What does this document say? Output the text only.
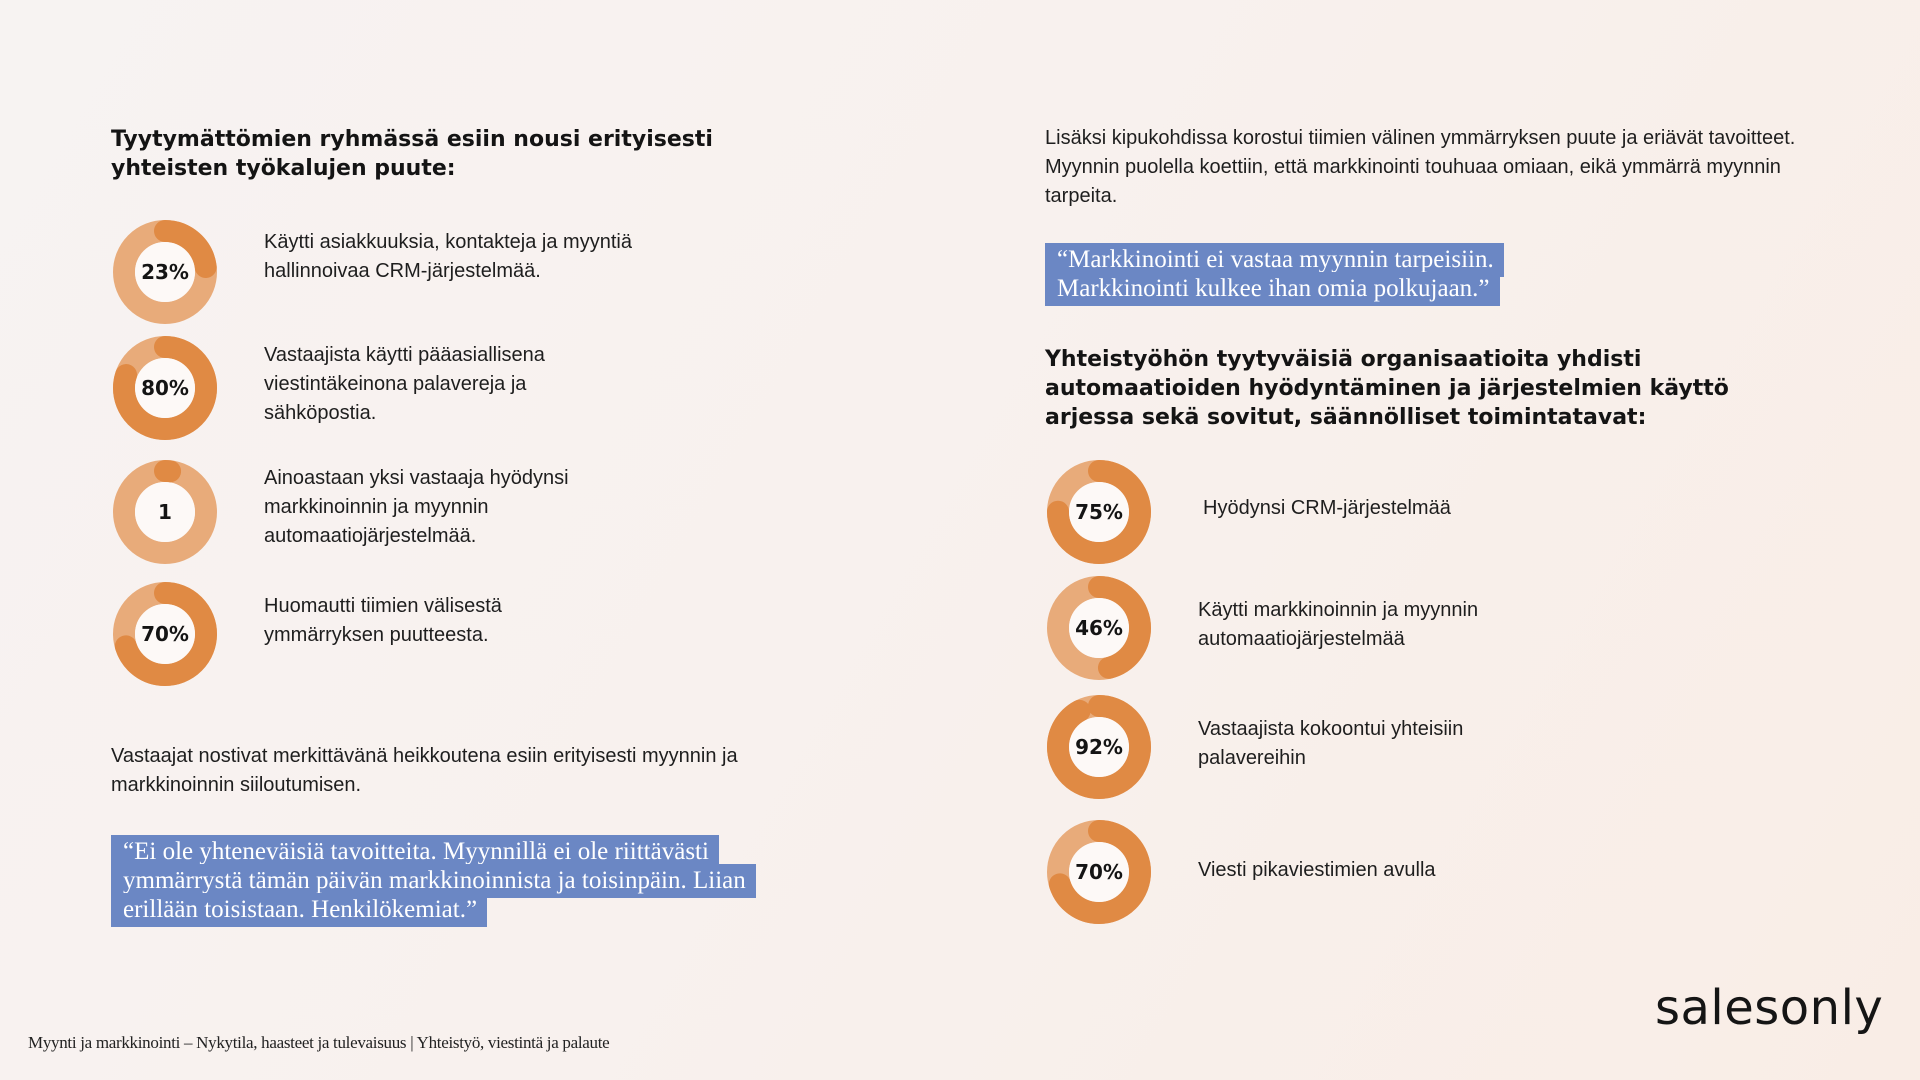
Tyytymättömien ryhmässä esiin nousi erityisesti yhteisten työkalujen puute:
23%
Käytti asiakkuuksia, kontakteja ja myyntiä hallinnoivaa CRM-järjestelmää.
80%
Vastaajista käytti pääasiallisena viestintäkeinona palavereja ja sähköpostia.
1
Ainoastaan yksi vastaaja hyödynsi markkinoinnin ja myynnin automaatiojärjestelmää.
70%
Huomautti tiimien välisestä ymmärryksen puutteesta.

Vastaajat nostivat merkittävänä heikkoutena esiin erityisesti myynnin ja markkinoinnin siiloutumisen.

“Ei ole yhteneväisiä tavoitteita. Myynnillä ei ole riittävästi ymmärrystä tämän päivän markkinoinnista ja toisinpäin. Liian erillään toisistaan. Henkilökemiat.”

Lisäksi kipukohdissa korostui tiimien välinen ymmärryksen puute ja eriävät tavoitteet. Myynnin puolella koettiin, että markkinointi touhuaa omiaan, eikä ymmärrä myynnin tarpeita.

“Markkinointi ei vastaa myynnin tarpeisiin. Markkinointi kulkee ihan omia polkujaan.”
Yhteistyöhön tyytyväisiä organisaatioita yhdisti automaatioiden hyödyntäminen ja järjestelmien käyttö arjessa sekä sovitut, säännölliset toimintatavat:
75%	Hyödynsi CRM-järjestelmää
46%
Käytti markkinoinnin ja myynnin automaatiojärjestelmää
92%
Vastaajista kokoontui yhteisiin palavereihin
70%	Viesti pikaviestimien avulla
Myynti ja markkinointi – Nykytila, haasteet ja tulevaisuus | Yhteistyö, viestintä ja palaute
salesonly
